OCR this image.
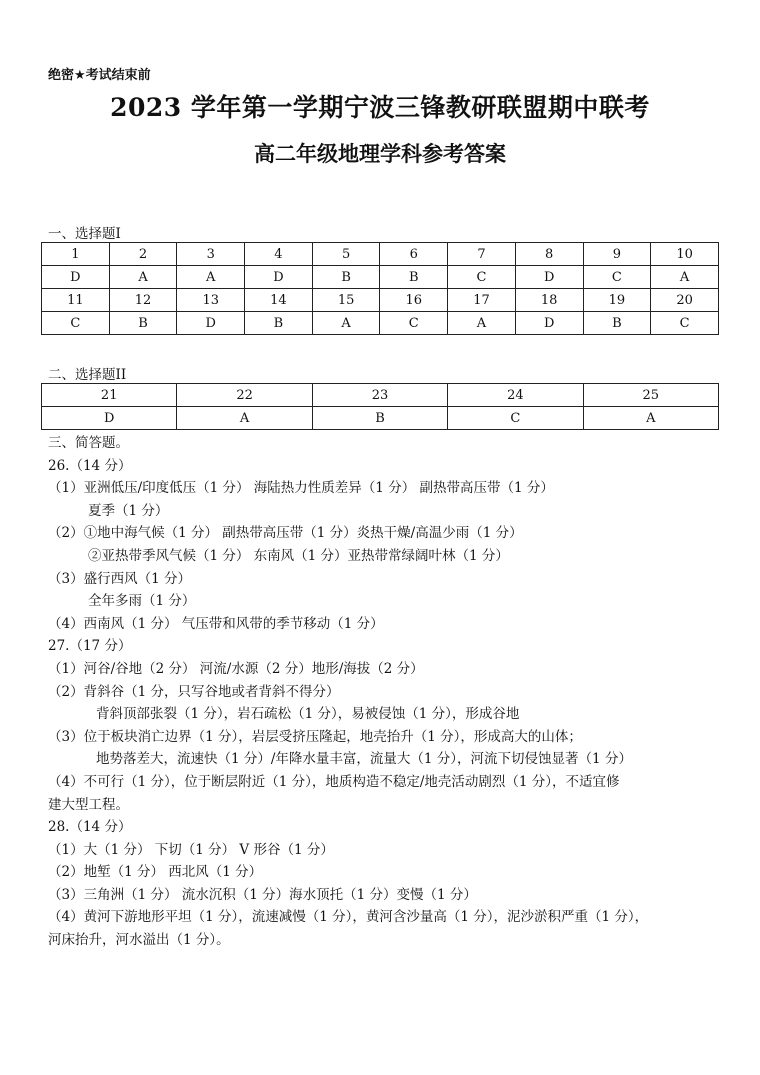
绝密★考试结束前
2023 学年第一学期宁波三锋教研联盟期中联考
高二年级地理学科参考答案
一、选择题I
1	2	3	4	5	6	7	8	9	10
D	A	A	D	B	B	C	D	C	A
11	12	13	14	15	16	17	18	19	20
C	B	D	B	A	C	A	D	B	C
二、选择题II
21	22	23	24	25
D	A	B	C	A
三、简答题。
26.（14 分）
（1）亚洲低压/印度低压（1 分） 海陆热力性质差异（1 分） 副热带高压带（1 分）
夏季（1 分）
（2）①地中海气候（1 分） 副热带高压带（1 分）炎热干燥/高温少雨（1 分）
②亚热带季风气候（1 分） 东南风（1 分）亚热带常绿阔叶林（1 分）
（3）盛行西风（1 分）
全年多雨（1 分）
（4）西南风（1 分） 气压带和风带的季节移动（1 分）
27.（17 分）
（1）河谷/谷地（2 分） 河流/水源（2 分）地形/海拔（2 分）
（2）背斜谷（1 分，只写谷地或者背斜不得分）
背斜顶部张裂（1 分），岩石疏松（1 分），易被侵蚀（1 分），形成谷地
（3）位于板块消亡边界（1 分），岩层受挤压隆起，地壳抬升（1 分），形成高大的山体；
地势落差大，流速快（1 分）/年降水量丰富，流量大（1 分），河流下切侵蚀显著（1 分）
（4）不可行（1 分），位于断层附近（1 分），地质构造不稳定/地壳活动剧烈（1 分），不适宜修
建大型工程。
28.（14 分）
（1）大（1 分） 下切（1 分） V 形谷（1 分）
（2）地堑（1 分） 西北风（1 分）
（3）三角洲（1 分） 流水沉积（1 分）海水顶托（1 分）变慢（1 分）
（4）黄河下游地形平坦（1 分），流速减慢（1 分），黄河含沙量高（1 分），泥沙淤积严重（1 分），
河床抬升，河水溢出（1 分）。
